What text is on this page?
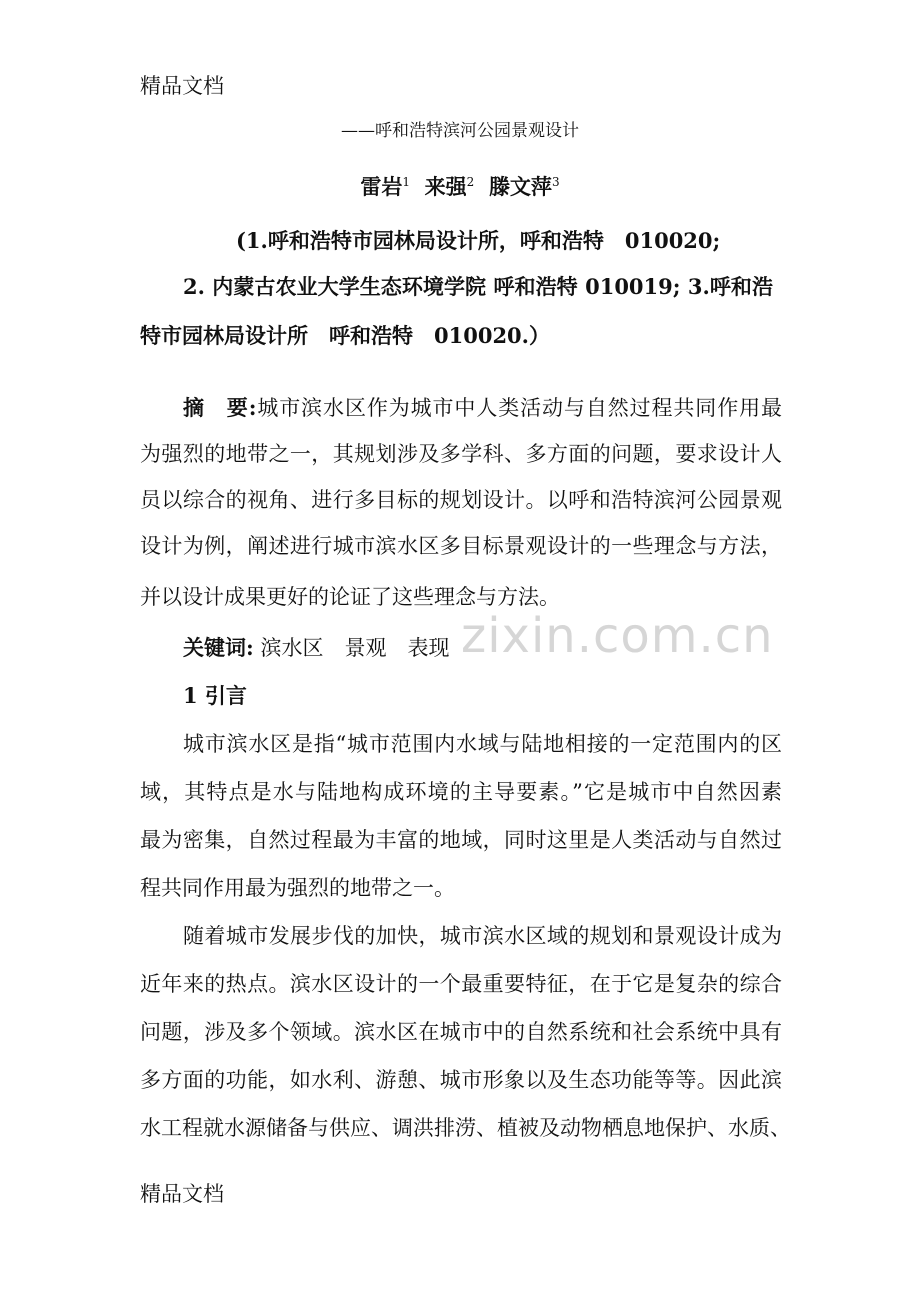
精品文档
——呼和浩特滨河公园景观设计
雷岩$^1$ 来强$^2$ 滕文萍$^3$
(1.呼和浩特市园林局设计所，呼和浩特　010020;
2. 内蒙古农业大学生态环境学院 呼和浩特 010019; 3.呼和浩
特市园林局设计所　呼和浩特　010020.）
摘　要:城市滨水区作为城市中人类活动与自然过程共同作用最
为强烈的地带之一，其规划涉及多学科、多方面的问题，要求设计人
员以综合的视角、进行多目标的规划设计。以呼和浩特滨河公园景观
设计为例，阐述进行城市滨水区多目标景观设计的一些理念与方法，
并以设计成果更好的论证了这些理念与方法。
zixin.com.cn
关键词: 滨水区　景观　表现
1 引言
城市滨水区是指“城市范围内水域与陆地相接的一定范围内的区
域，其特点是水与陆地构成环境的主导要素。”它是城市中自然因素
最为密集，自然过程最为丰富的地域，同时这里是人类活动与自然过
程共同作用最为强烈的地带之一。
随着城市发展步伐的加快，城市滨水区域的规划和景观设计成为
近年来的热点。滨水区设计的一个最重要特征，在于它是复杂的综合
问题，涉及多个领域。滨水区在城市中的自然系统和社会系统中具有
多方面的功能，如水利、游憩、城市形象以及生态功能等等。因此滨
水工程就水源储备与供应、调洪排涝、植被及动物栖息地保护、水质、
精品文档
